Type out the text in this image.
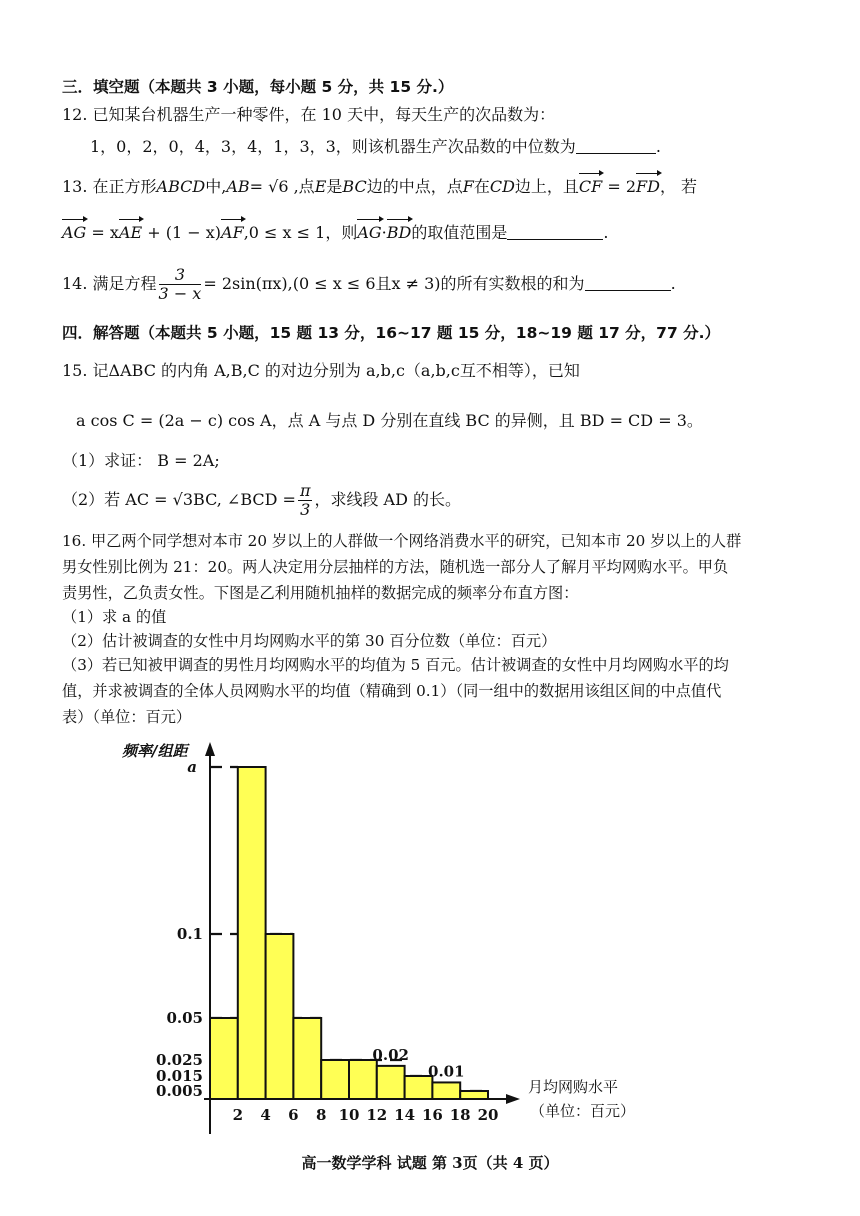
三．填空题（本题共 3 小题，每小题 5 分，共 15 分.）
12. 已知某台机器生产一种零件，在 10 天中，每天生产的次品数为：
1，0，2，0，4，3，4，1，3，3，则该机器生产次品数的中位数为	.
13. 在正方形ABCD中,AB= √6 ,点E是BC边的中点，点F在CD边上，且CF = 2FD， 若
AG = xAE + (1 − x)AF,0 ≤ x ≤ 1，则AG·BD的取值范围是	.
14. 满足方程 $\frac{3}{3 - x} = 2\sin(\pi x),(0 \le x \le 6$且x ≠ 3)的所有实数根的和为	.
四．解答题（本题共 5 小题，15 题 13 分，16~17 题 15 分，18~19 题 17 分，77 分.）
15. 记ΔABC 的内角 A,B,C 的对边分别为 a,b,c（a,b,c互不相等），已知
a cos C = (2a − c) cos A，点 A 与点 D 分别在直线 BC 的异侧，且 BD = CD = 3。
（1）求证： B = 2A;
（2）若 AC = √3BC, ∠BCD = $\frac{\pi}{3}$ ，求线段 AD 的长。
16. 甲乙两个同学想对本市 20 岁以上的人群做一个网络消费水平的研究，已知本市 20 岁以上的人群
男女性别比例为 21：20。两人决定用分层抽样的方法，随机选一部分人了解月平均网购水平。甲负
责男性，乙负责女性。下图是乙利用随机抽样的数据完成的频率分布直方图：
（1）求 a 的值
（2）估计被调查的女性中月均网购水平的第 30 百分位数（单位：百元）
（3）若已知被甲调查的男性月均网购水平的均值为 5 百元。估计被调查的女性中月均网购水平的均
值，并求被调查的全体人员网购水平的均值（精确到 0.1）（同一组中的数据用该组区间的中点值代
表）（单位：百元）
a
0.1
0.05
0.025
0.015
0.005
2 4 6 8 10 12 14 16 18 20
0.02
0.01
频率/组距
月均网购水平
（单位：百元）
高一数学学科 试题 第 3页（共 4 页）
